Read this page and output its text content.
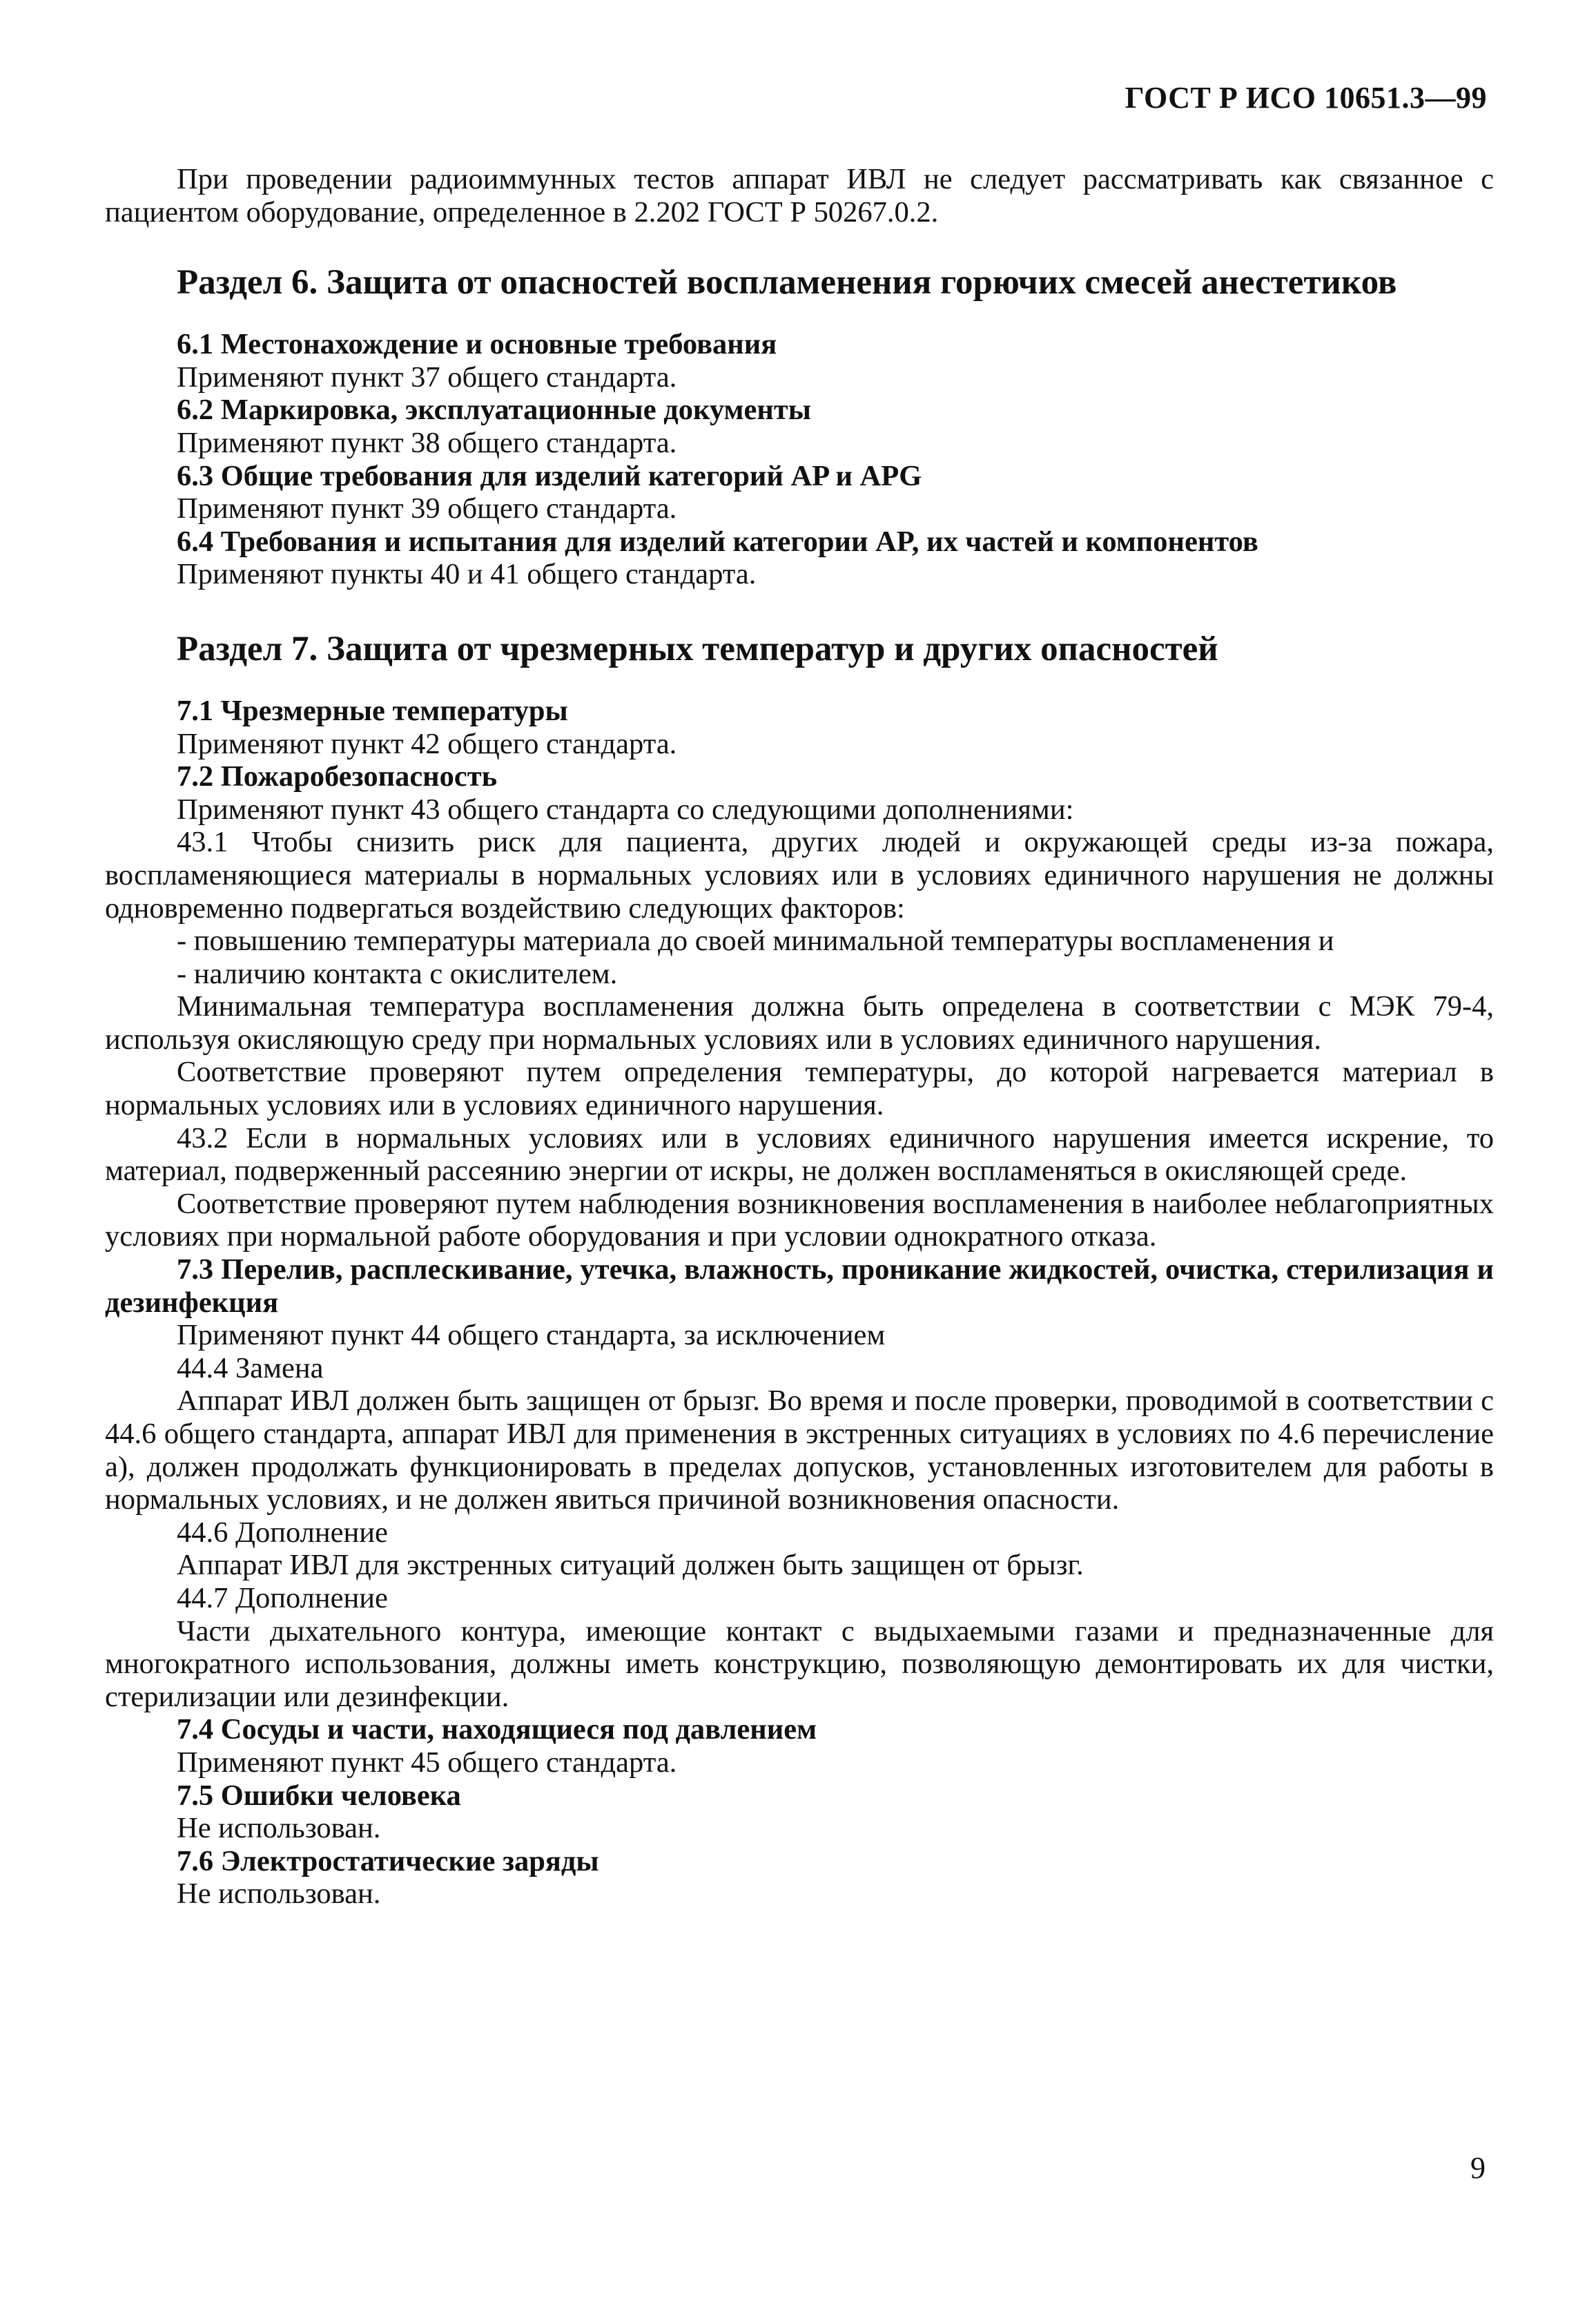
ГОСТ Р ИСО 10651.3—99

При проведении радиоиммунных тестов аппарат ИВЛ не следует рассматривать как связанное с пациентом оборудование, определенное в 2.202 ГОСТ Р 50267.0.2.

Раздел 6. Защита от опасностей воспламенения горючих смесей анестетиков

6.1 Местонахождение и основные требования

Применяют пункт 37 общего стандарта.

6.2 Маркировка, эксплуатационные документы

Применяют пункт 38 общего стандарта.

6.3 Общие требования для изделий категорий AP и APG

Применяют пункт 39 общего стандарта.

6.4 Требования и испытания для изделий категории AP, их частей и компонентов

Применяют пункты 40 и 41 общего стандарта.

Раздел 7. Защита от чрезмерных температур и других опасностей

7.1 Чрезмерные температуры

Применяют пункт 42 общего стандарта.

7.2 Пожаробезопасность

Применяют пункт 43 общего стандарта со следующими дополнениями:

43.1 Чтобы снизить риск для пациента, других людей и окружающей среды из-за пожара, воспламеняющиеся материалы в нормальных условиях или в условиях единичного нарушения не должны одновременно подвергаться воздействию следующих факторов:

- повышению температуры материала до своей минимальной температуры воспламенения и

- наличию контакта с окислителем.

Минимальная температура воспламенения должна быть определена в соответствии с МЭК 79-4, используя окисляющую среду при нормальных условиях или в условиях единичного нарушения.

Соответствие проверяют путем определения температуры, до которой нагревается материал в нормальных условиях или в условиях единичного нарушения.

43.2 Если в нормальных условиях или в условиях единичного нарушения имеется искрение, то материал, подверженный рассеянию энергии от искры, не должен воспламеняться в окисляющей среде.

Соответствие проверяют путем наблюдения возникновения воспламенения в наиболее неблагоприятных условиях при нормальной работе оборудования и при условии однократного отказа.

7.3 Перелив, расплескивание, утечка, влажность, проникание жидкостей, очистка, стерилизация и дезинфекция

Применяют пункт 44 общего стандарта, за исключением

44.4 Замена

Аппарат ИВЛ должен быть защищен от брызг. Во время и после проверки, проводимой в соответствии с 44.6 общего стандарта, аппарат ИВЛ для применения в экстренных ситуациях в условиях по 4.6 перечисление а), должен продолжать функционировать в пределах допусков, установленных изготовителем для работы в нормальных условиях, и не должен явиться причиной возникновения опасности.

44.6 Дополнение

Аппарат ИВЛ для экстренных ситуаций должен быть защищен от брызг.

44.7 Дополнение

Части дыхательного контура, имеющие контакт с выдыхаемыми газами и предназначенные для многократного использования, должны иметь конструкцию, позволяющую демонтировать их для чистки, стерилизации или дезинфекции.

7.4 Сосуды и части, находящиеся под давлением

Применяют пункт 45 общего стандарта.

7.5 Ошибки человека

Не использован.

7.6 Электростатические заряды

Не использован.

9
